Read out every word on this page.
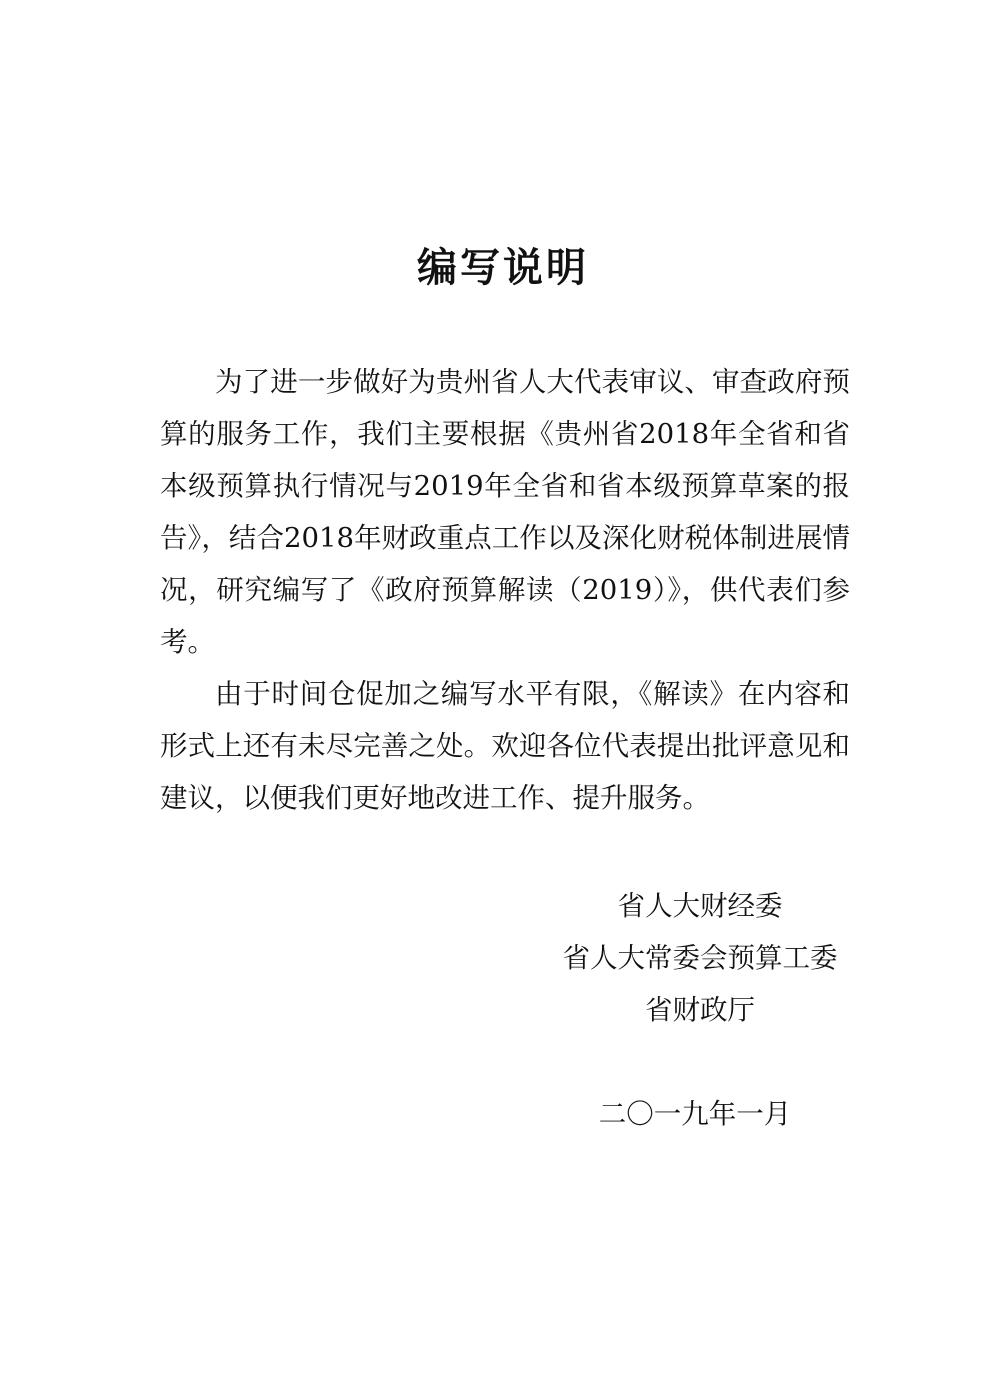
编写说明

为了进一步做好为贵州省人大代表审议、审查政府预算的服务工作，我们主要根据《贵州省2018年全省和省本级预算执行情况与2019年全省和省本级预算草案的报告》，结合2018年财政重点工作以及深化财税体制进展情况，研究编写了《政府预算解读（2019）》，供代表们参考。

由于时间仓促加之编写水平有限，《解读》在内容和形式上还有未尽完善之处。欢迎各位代表提出批评意见和建议，以便我们更好地改进工作、提升服务。

省人大财经委
省人大常委会预算工委
省财政厅
二〇一九年一月
